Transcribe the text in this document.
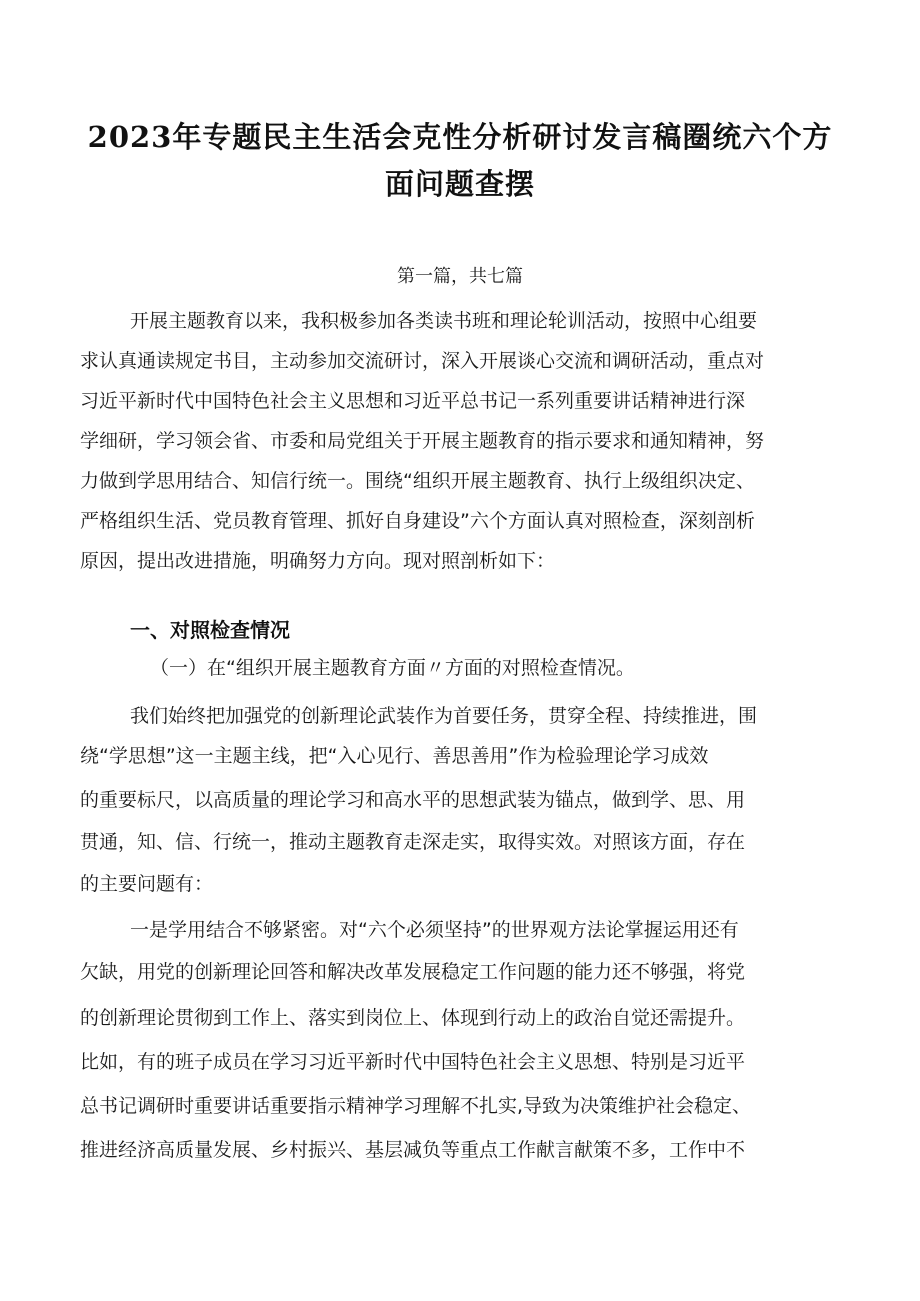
2023年专题民主生活会克性分析研讨发言稿圈统六个方
面问题查摆
第一篇，共七篇
开展主题教育以来，我积极参加各类读书班和理论轮训活动，按照中心组要
求认真通读规定书目，主动参加交流研讨，深入开展谈心交流和调研活动，重点对
习近平新时代中国特色社会主义思想和习近平总书记一系列重要讲话精神进行深
学细研，学习领会省、市委和局党组关于开展主题教育的指示要求和通知精神，努
力做到学思用结合、知信行统一。围绕“组织开展主题教育、执行上级组织决定、
严格组织生活、党员教育管理、抓好自身建设”六个方面认真对照检查，深刻剖析
原因，提出改进措施，明确努力方向。现对照剖析如下：
一、对照检查情况
（一）在“组织开展主题教育方面〃方面的对照检查情况。
我们始终把加强党的创新理论武装作为首要任务，贯穿全程、持续推进，围
绕“学思想”这一主题主线，把“入心见行、善思善用”作为检验理论学习成效
的重要标尺，以高质量的理论学习和高水平的思想武装为锚点，做到学、思、用
贯通，知、信、行统一，推动主题教育走深走实，取得实效。对照该方面，存在
的主要问题有：
一是学用结合不够紧密。对“六个必须坚持”的世界观方法论掌握运用还有
欠缺，用党的创新理论回答和解决改革发展稳定工作问题的能力还不够强，将党
的创新理论贯彻到工作上、落实到岗位上、体现到行动上的政治自觉还需提升。
比如，有的班子成员在学习习近平新时代中国特色社会主义思想、特别是习近平
总书记调研时重要讲话重要指示精神学习理解不扎实,导致为决策维护社会稳定、
推进经济高质量发展、乡村振兴、基层减负等重点工作献言献策不多，工作中不
